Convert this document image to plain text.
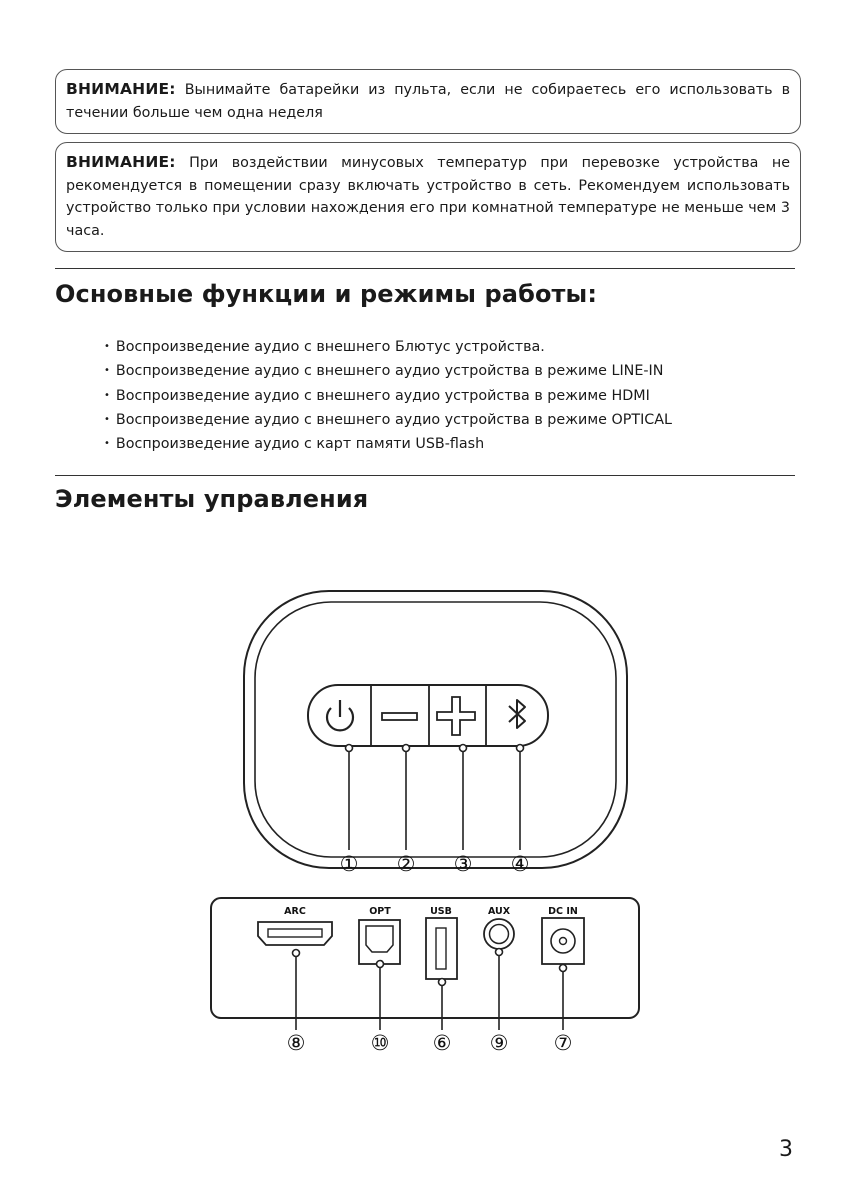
ВНИМАНИЕ: Вынимайте батарейки из пульта, если не собираетесь его использовать в течении больше чем одна неделя
ВНИМАНИЕ: При воздействии минусовых температур при перевозке устройства не рекомендуется в помещении сразу включать устройство в сеть. Рекомендуем использовать устройство только при условии нахождения его при комнатной температуре не меньше чем 3 часа.
Основные функции и режимы работы:
• Воспроизведение аудио с внешнего Блютус устройства.
• Воспроизведение аудио с внешнего аудио устройства в режиме LINE-IN
• Воспроизведение аудио с внешнего аудио устройства в режиме HDMI
• Воспроизведение аудио с внешнего аудио устройства в режиме OPTICAL
• Воспроизведение аудио с карт памяти USB-flash
Элементы управления
① ② ③ ④
ARC	OPT	USB	AUX	DC IN
⑧	⑩ ⑥ ⑨ ⑦
3
